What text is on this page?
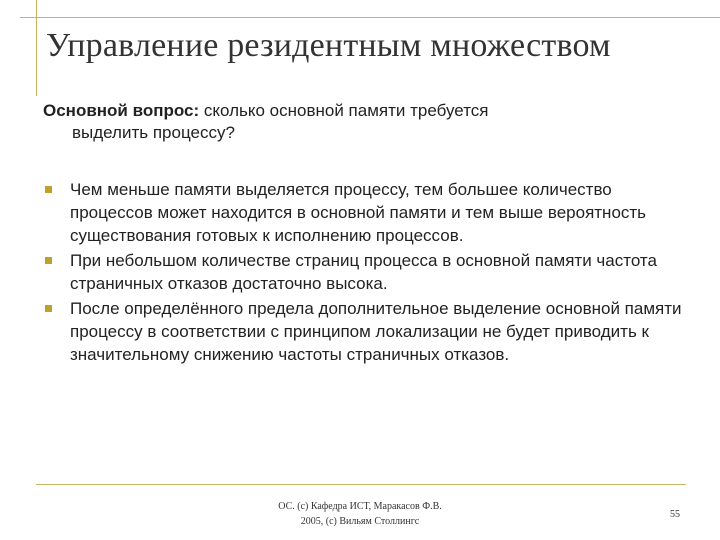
Управление резидентным множеством
Основной вопрос: сколько основной памяти требуется
выделить процессу?
Чем меньше памяти выделяется процессу, тем большее количество процессов может находится в основной памяти и тем выше вероятность существования готовых к исполнению процессов.
При небольшом количестве страниц процесса в основной памяти частота страничных отказов достаточно высока.
После определённого предела дополнительное выделение основной памяти процессу в соответствии с принципом локализации не будет приводить к значительному снижению частоты страничных отказов.
ОС. (с) Кафедра ИСТ, Маракасов Ф.В.
2005, (с) Вильям Столлингс
55
